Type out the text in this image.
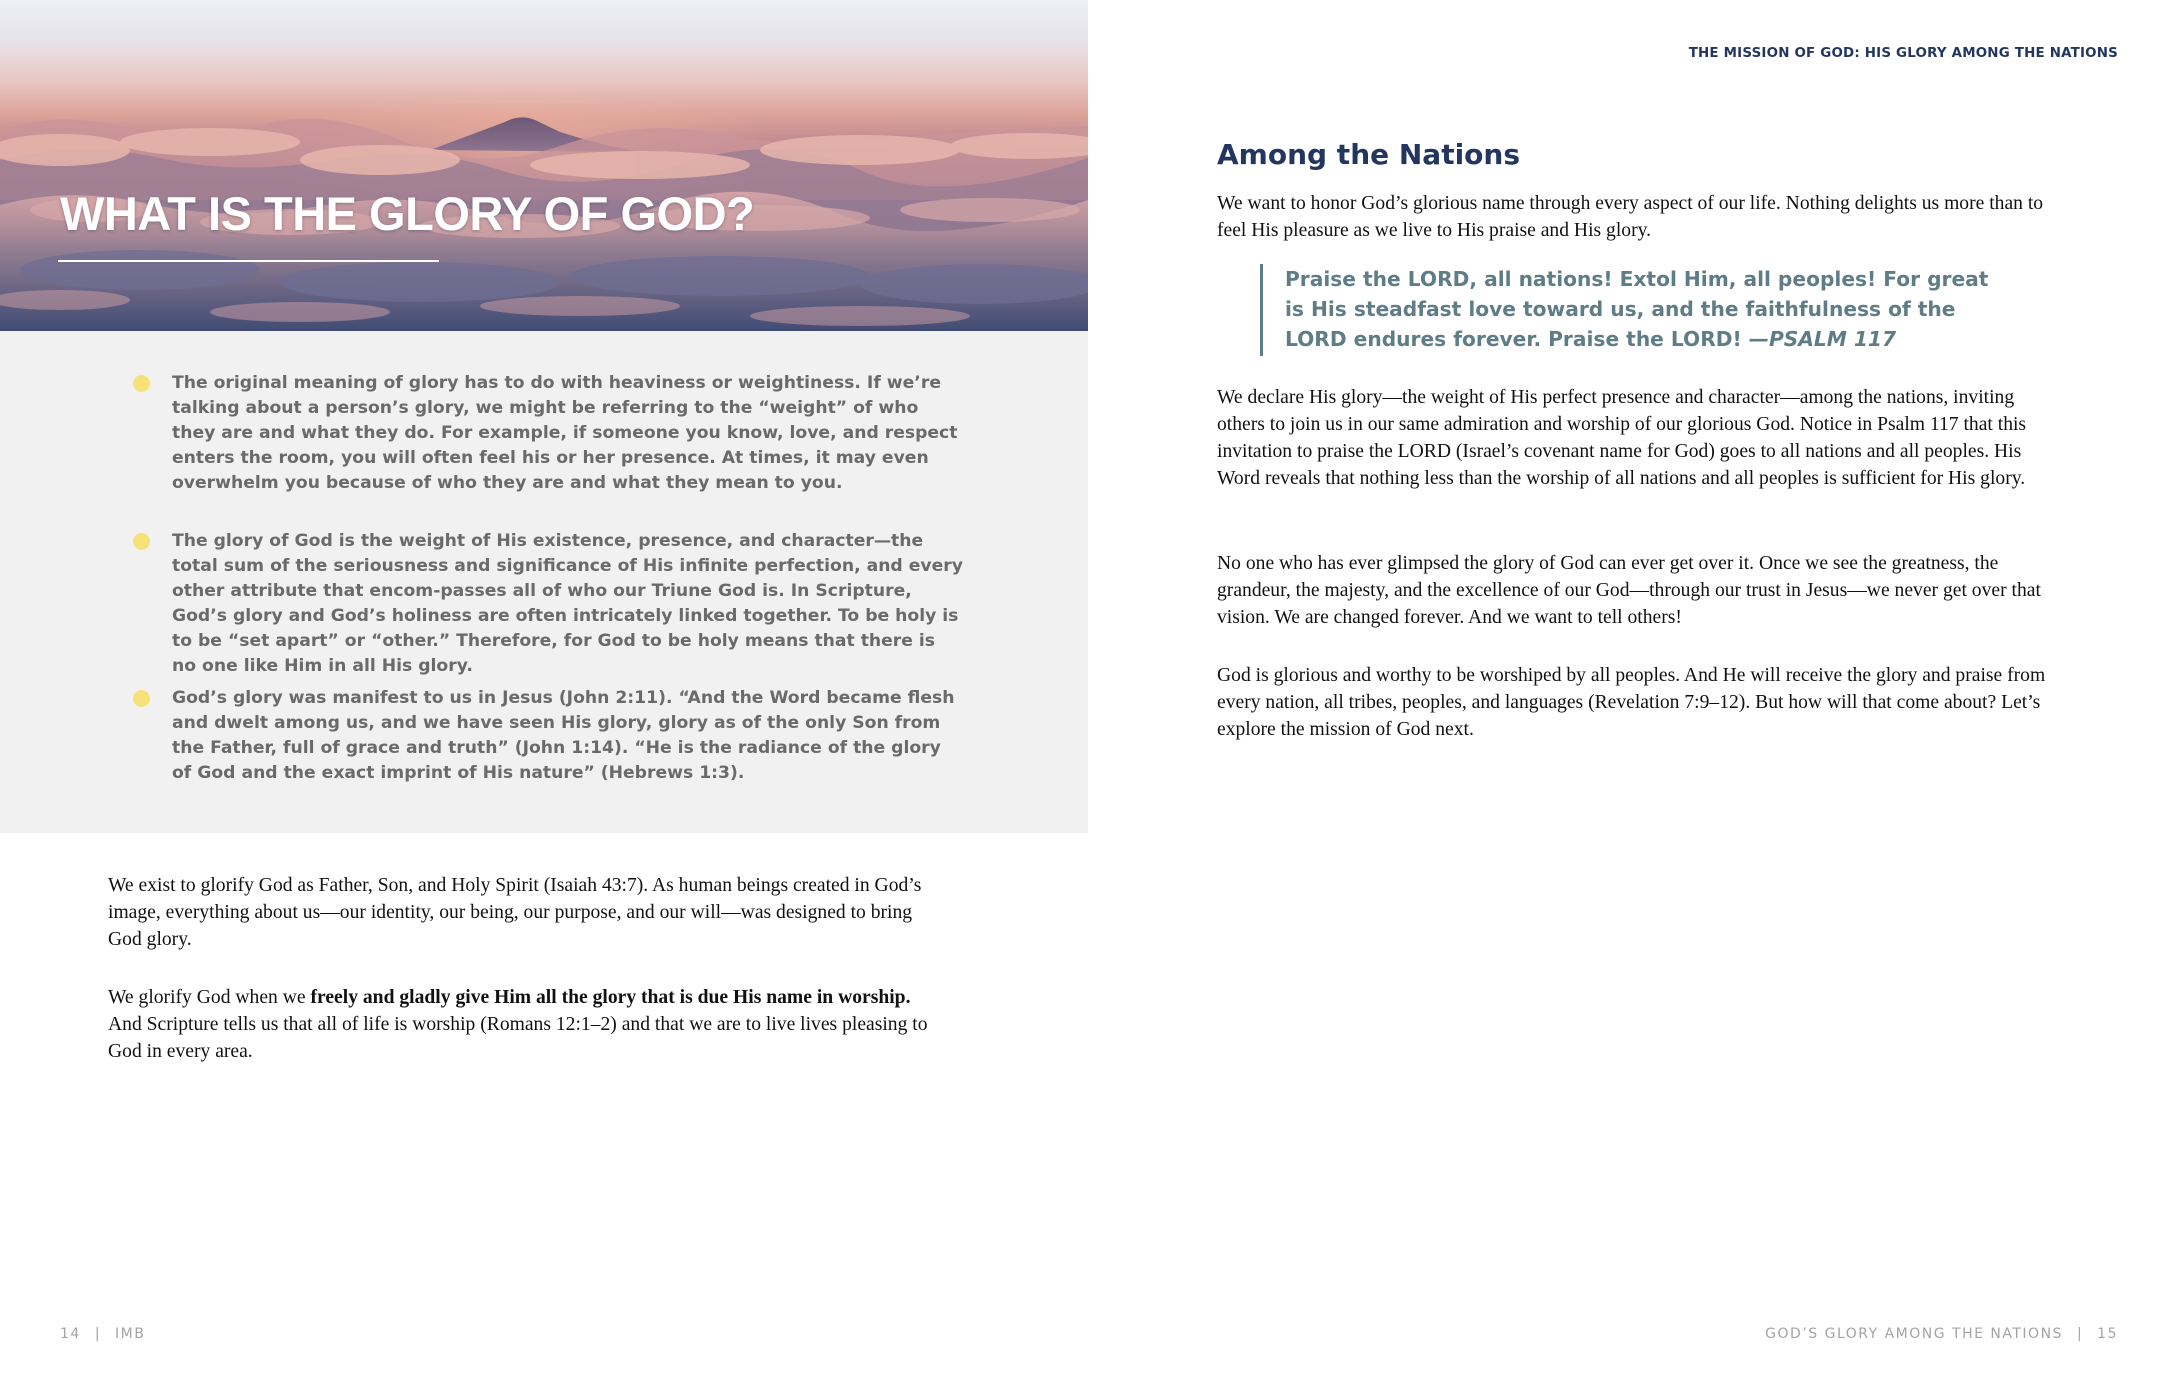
WHAT IS THE GLORY OF GOD?
The original meaning of glory has to do with heaviness or weightiness. If we’re talking about a person’s glory, we might be referring to the “weight” of who they are and what they do. For example, if someone you know, love, and respect enters the room, you will often feel his or her presence. At times, it may even overwhelm you because of who they are and what they mean to you.
The glory of God is the weight of His existence, presence, and character—the total sum of the seriousness and significance of His infinite perfection, and every other attribute that encom-passes all of who our Triune God is. In Scripture, God’s glory and God’s holiness are often intricately linked together. To be holy is to be “set apart” or “other.” Therefore, for God to be holy means that there is no one like Him in all His glory.
God’s glory was manifest to us in Jesus (John 2:11). “And the Word became flesh and dwelt among us, and we have seen His glory, glory as of the only Son from the Father, full of grace and truth” (John 1:14). “He is the radiance of the glory of God and the exact imprint of His nature” (Hebrews 1:3).

We exist to glorify God as Father, Son, and Holy Spirit (Isaiah 43:7). As human beings created in God’s image, everything about us—our identity, our being, our purpose, and our will—was designed to bring God glory.

We glorify God when we freely and gladly give Him all the glory that is due His name in worship. And Scripture tells us that all of life is worship (Romans 12:1–2) and that we are to live lives pleasing to God in every area.

14 | IMB
THE MISSION OF GOD: HIS GLORY AMONG THE NATIONS
Among the Nations

We want to honor God’s glorious name through every aspect of our life. Nothing delights us more than to feel His pleasure as we live to His praise and His glory.

Praise the LORD, all nations! Extol Him, all peoples! For great is His steadfast love toward us, and the faithfulness of the LORD endures forever. Praise the LORD! —PSALM 117

We declare His glory—the weight of His perfect presence and character—among the nations, inviting others to join us in our same admiration and worship of our glorious God. Notice in Psalm 117 that this invitation to praise the LORD (Israel’s covenant name for God) goes to all nations and all peoples. His Word reveals that nothing less than the worship of all nations and all peoples is sufficient for His glory.

No one who has ever glimpsed the glory of God can ever get over it. Once we see the greatness, the grandeur, the majesty, and the excellence of our God—through our trust in Jesus—we never get over that vision. We are changed forever. And we want to tell others!

God is glorious and worthy to be worshiped by all peoples. And He will receive the glory and praise from every nation, all tribes, peoples, and languages (Revelation 7:9–12). But how will that come about? Let’s explore the mission of God next.

GOD’S GLORY AMONG THE NATIONS | 15
